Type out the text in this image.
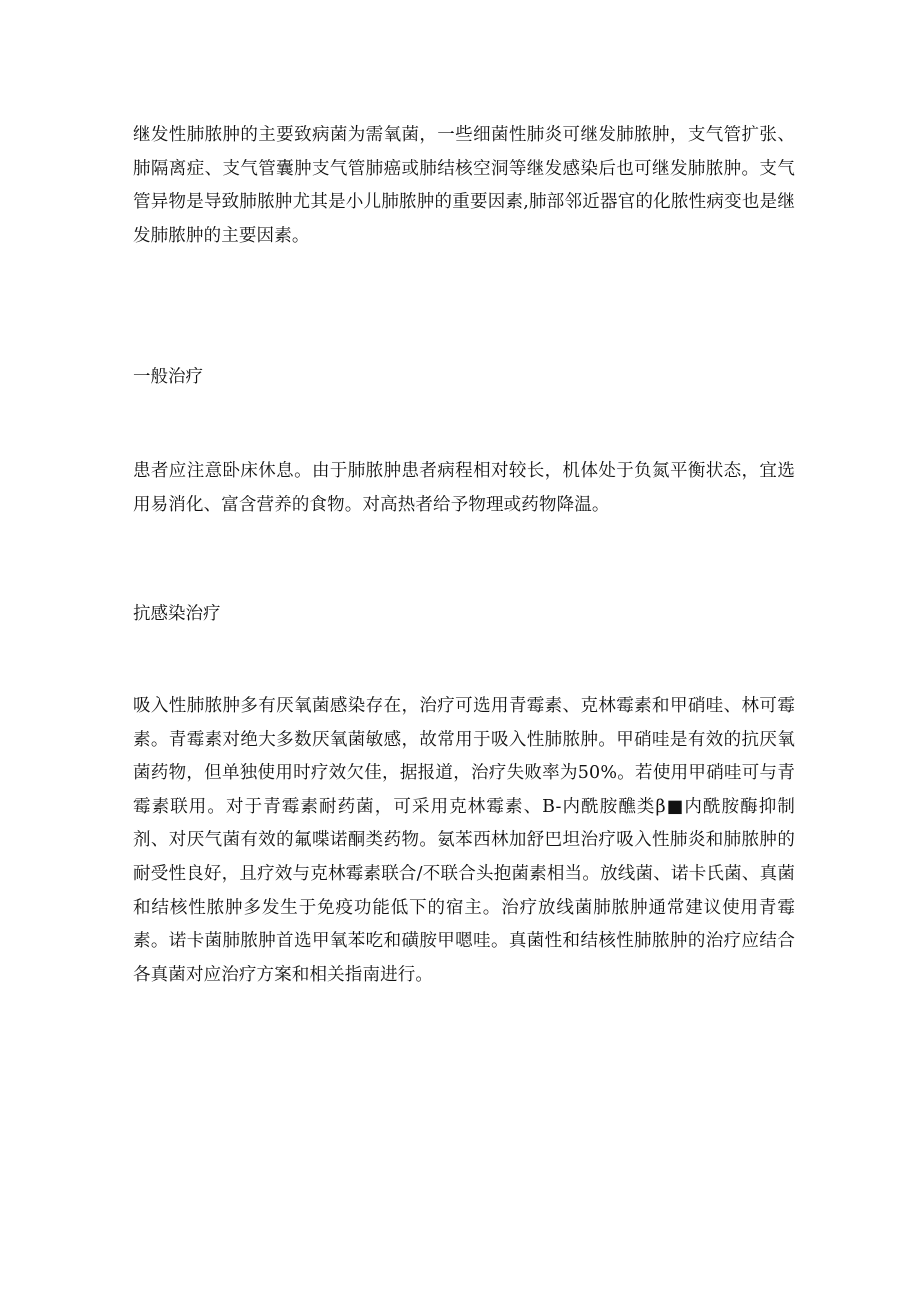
继发性肺脓肿的主要致病菌为需氧菌，一些细菌性肺炎可继发肺脓肿，支气管扩张、肺隔离症、支气管囊肿支气管肺癌或肺结核空洞等继发感染后也可继发肺脓肿。支气管异物是导致肺脓肿尤其是小儿肺脓肿的重要因素,肺部邻近器官的化脓性病变也是继发肺脓肿的主要因素。

一般治疗

患者应注意卧床休息。由于肺脓肿患者病程相对较长，机体处于负氮平衡状态，宜选用易消化、富含营养的食物。对高热者给予物理或药物降温。

抗感染治疗

吸入性肺脓肿多有厌氧菌感染存在，治疗可选用青霉素、克林霉素和甲硝哇、林可霉素。青霉素对绝大多数厌氧菌敏感，故常用于吸入性肺脓肿。甲硝哇是有效的抗厌氧菌药物，但单独使用时疗效欠佳，据报道，治疗失败率为50%。若使用甲硝哇可与青霉素联用。对于青霉素耐药菌，可采用克林霉素、B-内酰胺醮类β■内酰胺酶抑制剂、对厌气菌有效的氟喋诺酮类药物。氨苯西林加舒巴坦治疗吸入性肺炎和肺脓肿的耐受性良好，且疗效与克林霉素联合/不联合头抱菌素相当。放线菌、诺卡氏菌、真菌和结核性脓肿多发生于免疫功能低下的宿主。治疗放线菌肺脓肿通常建议使用青霉素。诺卡菌肺脓肿首选甲氧苯吃和磺胺甲嗯哇。真菌性和结核性肺脓肿的治疗应结合各真菌对应治疗方案和相关指南进行。
